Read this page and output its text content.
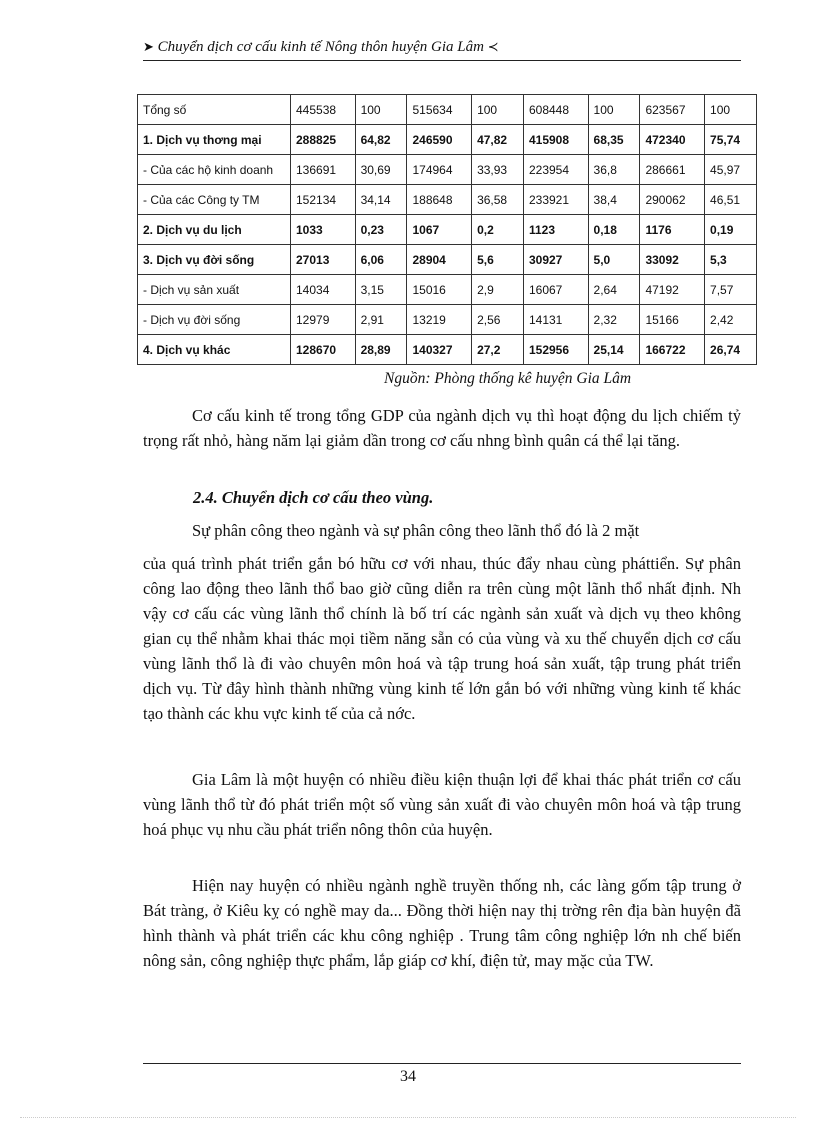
➤ Chuyển dịch cơ cấu kinh tế Nông thôn huyện Gia Lâm ≺
Tổng số	445538	100	515634	100	608448	100	623567	100
1. Dịch vụ thơng mại	288825	64,82	246590	47,82	415908	68,35	472340	75,74
- Của các hộ kinh doanh	136691	30,69	174964	33,93	223954	36,8	286661	45,97
- Của các Công ty TM	152134	34,14	188648	36,58	233921	38,4	290062	46,51
2. Dịch vụ du lịch	1033	0,23	1067	0,2	1123	0,18	1176	0,19
3. Dịch vụ đời sống	27013	6,06	28904	5,6	30927	5,0	33092	5,3
- Dịch vụ sản xuất	14034	3,15	15016	2,9	16067	2,64	47192	7,57
- Dịch vụ đời sống	12979	2,91	13219	2,56	14131	2,32	15166	2,42
4. Dịch vụ khác	128670	28,89	140327	27,2	152956	25,14	166722	26,74
Nguồn: Phòng thống kê huyện Gia Lâm

Cơ cấu kinh tế trong tổng GDP của ngành dịch vụ thì hoạt động du lịch chiếm tỷ trọng rất nhỏ, hàng năm lại giảm dần trong cơ cấu nhng bình quân cá thể lại tăng.

2.4. Chuyển dịch cơ cấu theo vùng.

Sự phân công theo ngành và sự phân công theo lãnh thổ đó là 2 mặt

của quá trình phát triển gắn bó hữu cơ với nhau, thúc đẩy nhau cùng pháttiển. Sự phân công lao động theo lãnh thổ bao giờ cũng diễn ra trên cùng một lãnh thổ nhất định. Nh vậy cơ cấu các vùng lãnh thổ chính là bố trí các ngành sản xuất và dịch vụ theo không gian cụ thể nhằm khai thác mọi tiềm năng sẵn có của vùng và xu thế chuyển dịch cơ cấu vùng lãnh thổ là đi vào chuyên môn hoá và tập trung hoá sản xuất, tập trung phát triển dịch vụ. Từ đây hình thành những vùng kinh tế lớn gắn bó với những vùng kinh tế khác tạo thành các khu vực kinh tế của cả nớc.

Gia Lâm là một huyện có nhiều điều kiện thuận lợi để khai thác phát triển cơ cấu vùng lãnh thổ từ đó phát triển một số vùng sản xuất đi vào chuyên môn hoá và tập trung hoá phục vụ nhu cầu phát triển nông thôn của huyện.

Hiện nay huyện có nhiều ngành nghề truyền thống nh, các làng gốm tập trung ở Bát tràng, ở Kiêu kỵ có nghề may da... Đồng thời hiện nay thị trờng rên địa bàn huyện đã hình thành và phát triển các khu công nghiệp . Trung tâm công nghiệp lớn nh chế biến nông sản, công nghiệp thực phẩm, lắp giáp cơ khí, điện tử, may mặc của TW.

34
